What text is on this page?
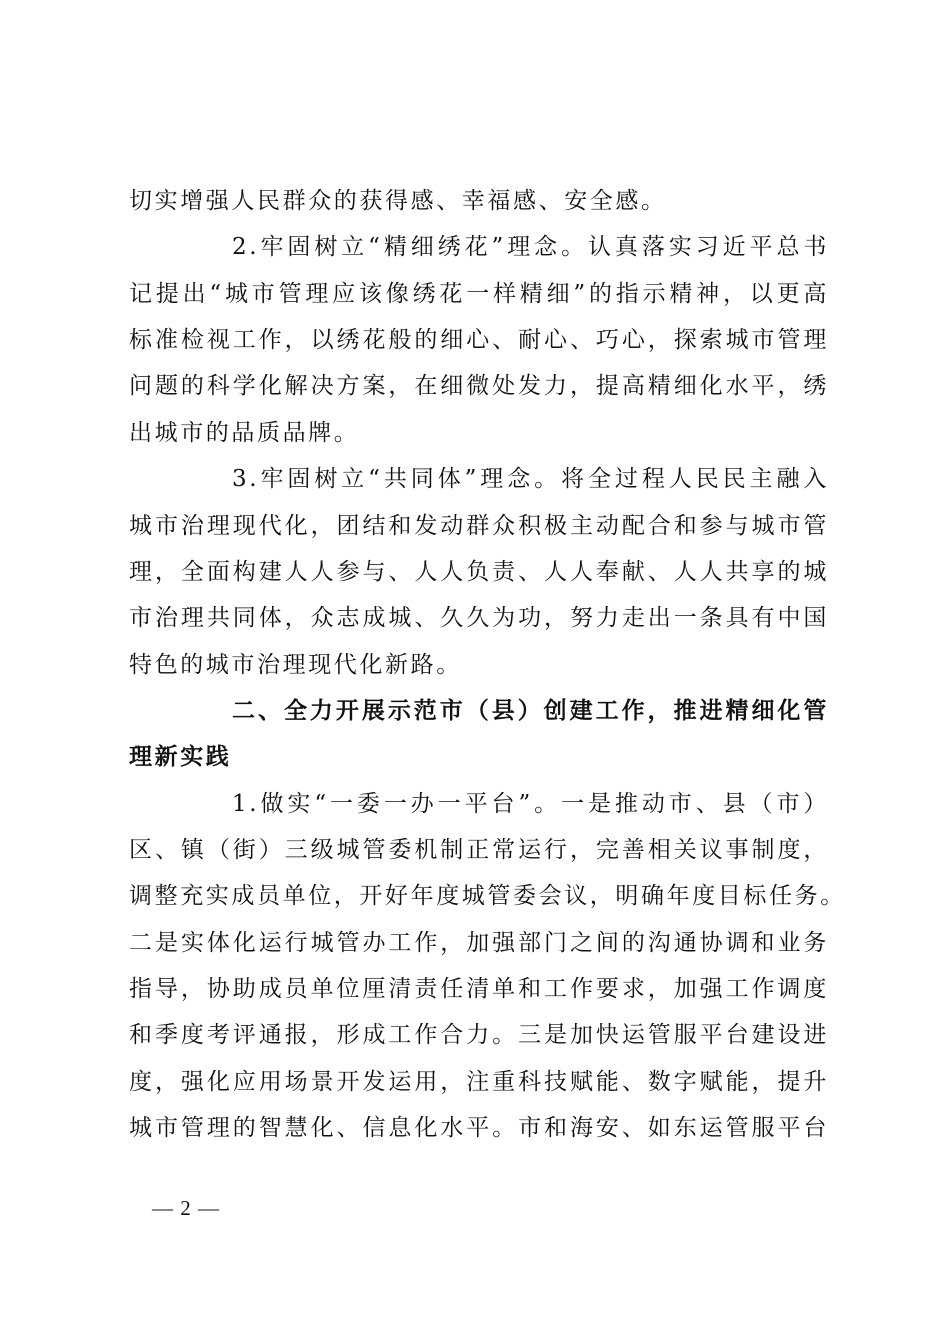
切实增强人民群众的获得感、幸福感、安全感。
2.牢固树立“精细绣花”理念。认真落实习近平总书
记提出“城市管理应该像绣花一样精细”的指示精神，以更高
标准检视工作，以绣花般的细心、耐心、巧心，探索城市管理
问题的科学化解决方案，在细微处发力，提高精细化水平，绣
出城市的品质品牌。
3.牢固树立“共同体”理念。将全过程人民民主融入
城市治理现代化，团结和发动群众积极主动配合和参与城市管
理，全面构建人人参与、人人负责、人人奉献、人人共享的城
市治理共同体，众志成城、久久为功，努力走出一条具有中国
特色的城市治理现代化新路。
二、全力开展示范市（县）创建工作，推进精细化管
理新实践
1.做实“一委一办一平台”。一是推动市、县（市）
区、镇（街）三级城管委机制正常运行，完善相关议事制度，
调整充实成员单位，开好年度城管委会议，明确年度目标任务。
二是实体化运行城管办工作，加强部门之间的沟通协调和业务
指导，协助成员单位厘清责任清单和工作要求，加强工作调度
和季度考评通报，形成工作合力。三是加快运管服平台建设进
度，强化应用场景开发运用，注重科技赋能、数字赋能，提升
城市管理的智慧化、信息化水平。市和海安、如东运管服平台
— 2 —
